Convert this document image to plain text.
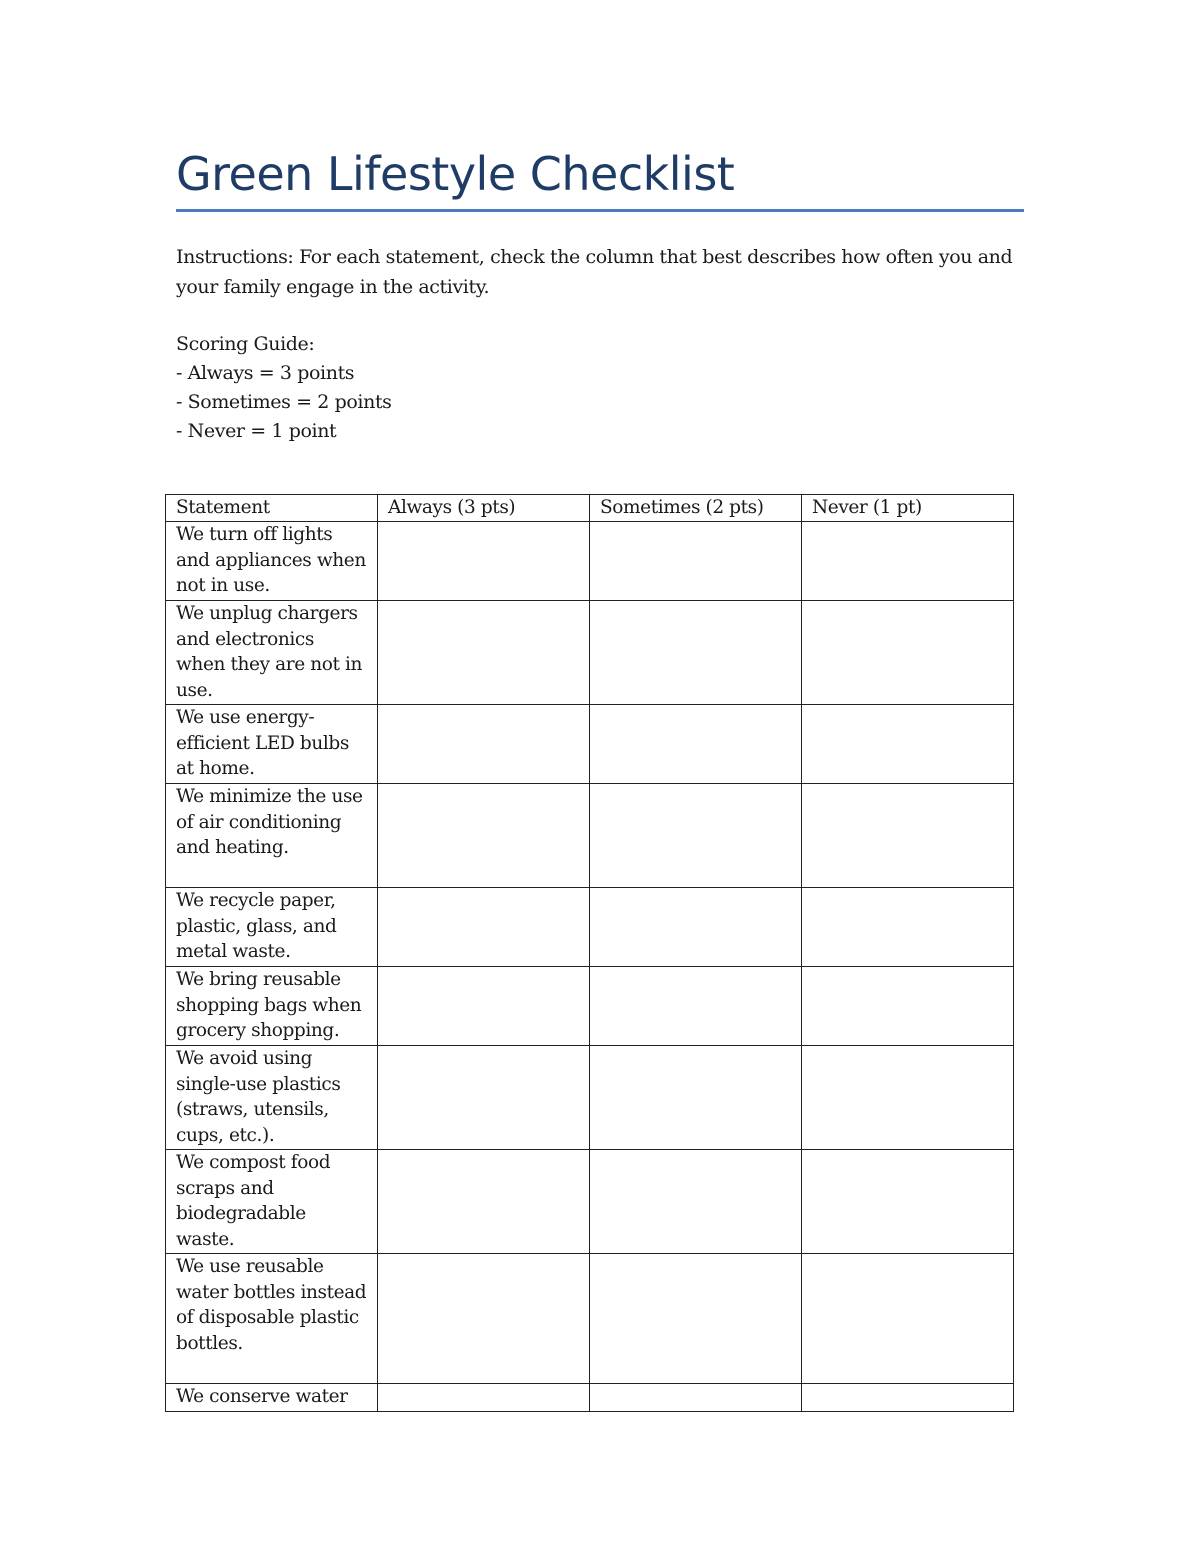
Green Lifestyle Checklist
Instructions: For each statement, check the column that best describes how often you and your family engage in the activity.
Scoring Guide:
- Always = 3 points
- Sometimes = 2 points
- Never = 1 point
Statement	Always (3 pts)	Sometimes (2 pts)	Never (1 pt)
We turn off lights and appliances when not in use.			
We unplug chargers and electronics when they are not in use.			
We use energy-efficient LED bulbs at home.			
We minimize the use of air conditioning and heating.			
We recycle paper, plastic, glass, and metal waste.			
We bring reusable shopping bags when grocery shopping.			
We avoid using single-use plastics (straws, utensils, cups, etc.).			
We compost food scraps and biodegradable waste.			
We use reusable water bottles instead of disposable plastic bottles.			
We conserve water			
